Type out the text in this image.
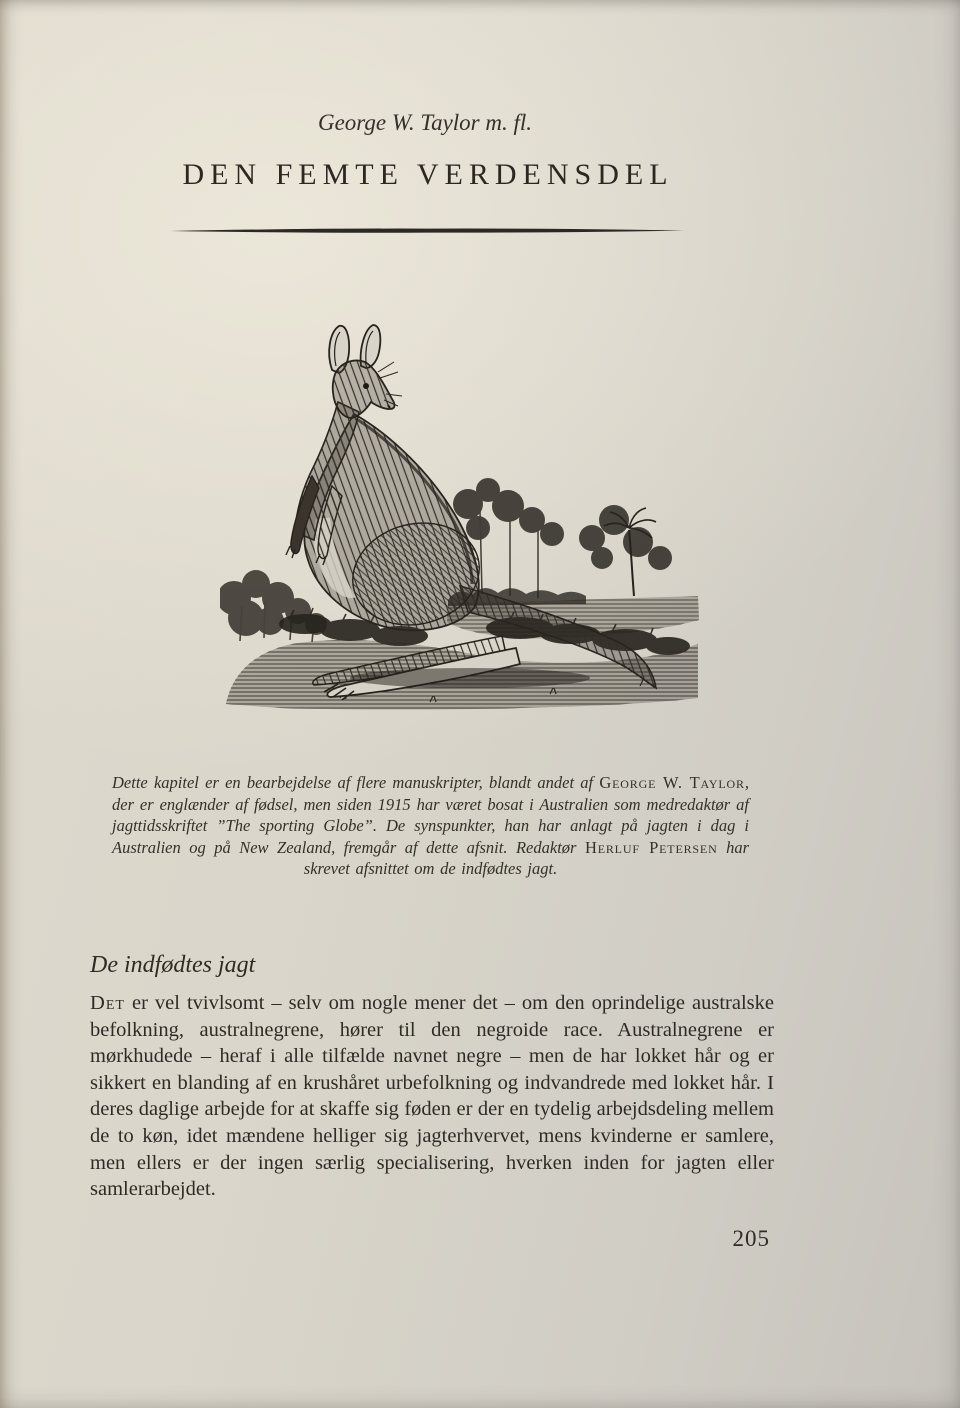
George W. Taylor m. fl.
DEN FEMTE VERDENSDEL

Dette kapitel er en bearbejdelse af flere manuskripter, blandt andet af George W. Taylor, der er englænder af fødsel, men siden 1915 har været bosat i Australien som medredaktør af jagttidsskriftet ”The sporting Globe”. De synspunkter, han har anlagt på jagten i dag i Australien og på New Zealand, fremgår af dette afsnit. Redaktør Herluf Petersen har skrevet afsnittet om de indfødtes jagt.

De indfødtes jagt

Det er vel tvivlsomt – selv om nogle mener det – om den oprindelige australske befolkning, australnegrene, hører til den negroide race. Australnegrene er mørkhudede – heraf i alle tilfælde navnet negre – men de har lokket hår og er sikkert en blanding af en krushåret urbefolkning og indvandrede med lokket hår. I deres daglige arbejde for at skaffe sig føden er der en tydelig arbejdsdeling mellem de to køn, idet mændene helliger sig jagterhvervet, mens kvinderne er samlere, men ellers er der ingen særlig specialisering, hverken inden for jagten eller samlerarbejdet.

205
